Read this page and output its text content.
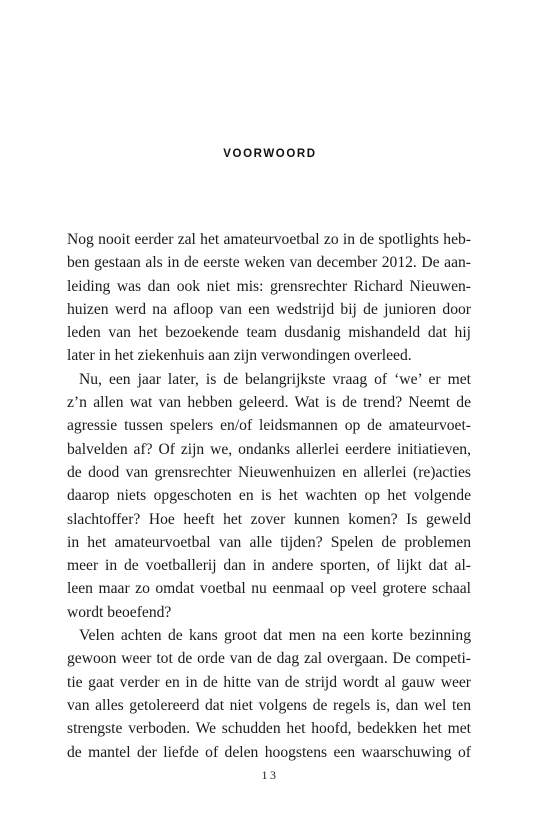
VOORWOORD
Nog nooit eerder zal het amateurvoetbal zo in de spotlights heb-
ben gestaan als in de eerste weken van december 2012. De aan-
leiding was dan ook niet mis: grensrechter Richard Nieuwen-
huizen werd na afloop van een wedstrijd bij de junioren door
leden van het bezoekende team dusdanig mishandeld dat hij
later in het ziekenhuis aan zijn verwondingen overleed.
Nu, een jaar later, is de belangrijkste vraag of ‘we’ er met
z’n allen wat van hebben geleerd. Wat is de trend? Neemt de
agressie tussen spelers en/of leidsmannen op de amateurvoet-
balvelden af? Of zijn we, ondanks allerlei eerdere initiatieven,
de dood van grensrechter Nieuwenhuizen en allerlei (re)acties
daarop niets opgeschoten en is het wachten op het volgende
slachtoffer? Hoe heeft het zover kunnen komen? Is geweld
in het amateurvoetbal van alle tijden? Spelen de problemen
meer in de voetballerij dan in andere sporten, of lijkt dat al-
leen maar zo omdat voetbal nu eenmaal op veel grotere schaal
wordt beoefend?
Velen achten de kans groot dat men na een korte bezinning
gewoon weer tot de orde van de dag zal overgaan. De competi-
tie gaat verder en in de hitte van de strijd wordt al gauw weer
van alles getolereerd dat niet volgens de regels is, dan wel ten
strengste verboden. We schudden het hoofd, bedekken het met
de mantel der liefde of delen hoogstens een waarschuwing of
13
